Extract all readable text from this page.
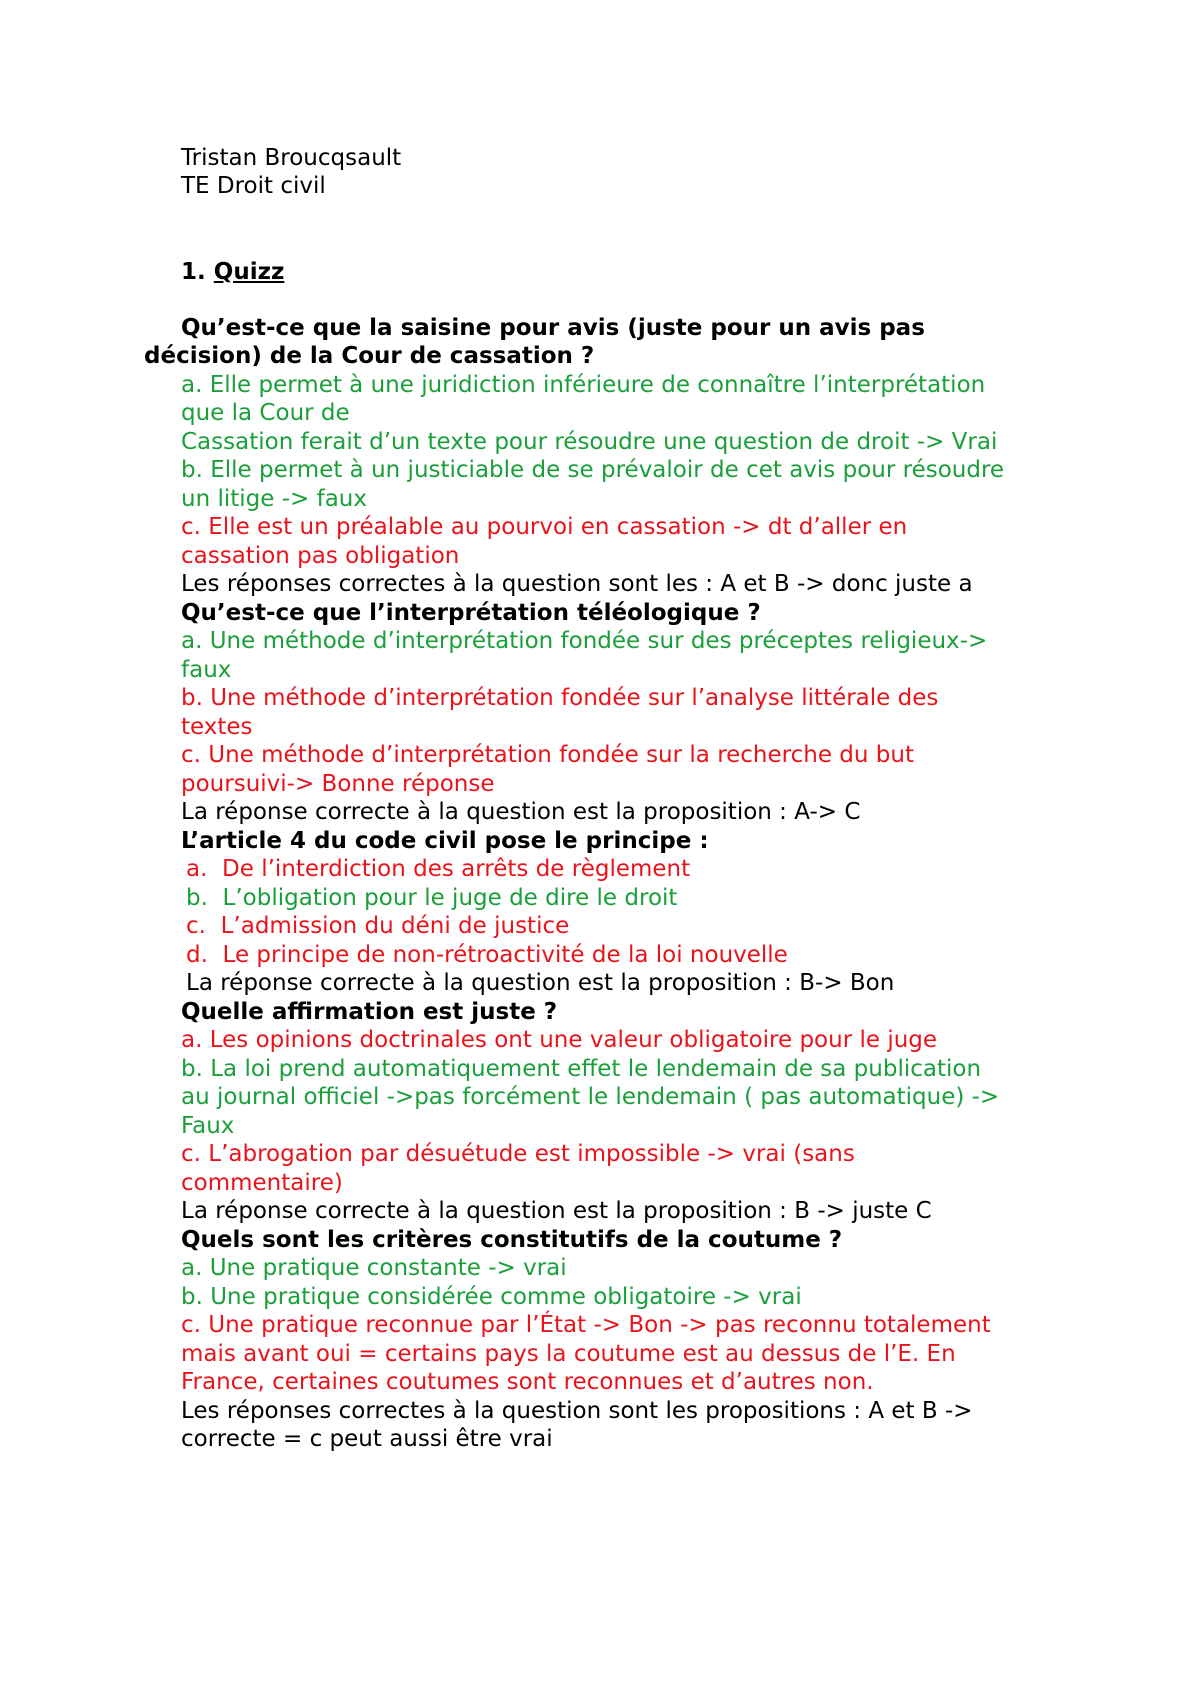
Tristan Broucqsault

TE Droit civil

1. Quizz

Qu’est-ce que la saisine pour avis (juste pour un avis pas

décision) de la Cour de cassation ?

a. Elle permet à une juridiction inférieure de connaître l’interprétation

que la Cour de

Cassation ferait d’un texte pour résoudre une question de droit -> Vrai

b. Elle permet à un justiciable de se prévaloir de cet avis pour résoudre

un litige -> faux

c. Elle est un préalable au pourvoi en cassation -> dt d’aller en

cassation pas obligation

Les réponses correctes à la question sont les : A et B -> donc juste a

Qu’est-ce que l’interprétation téléologique ?

a. Une méthode d’interprétation fondée sur des préceptes religieux->

faux

b. Une méthode d’interprétation fondée sur l’analyse littérale des

textes

c. Une méthode d’interprétation fondée sur la recherche du but

poursuivi-> Bonne réponse

La réponse correcte à la question est la proposition : A-> C

L’article 4 du code civil pose le principe :

a. De l’interdiction des arrêts de règlement

b. L’obligation pour le juge de dire le droit

c. L’admission du déni de justice

d. Le principe de non-rétroactivité de la loi nouvelle

La réponse correcte à la question est la proposition : B-> Bon

Quelle affirmation est juste ?

a. Les opinions doctrinales ont une valeur obligatoire pour le juge

b. La loi prend automatiquement effet le lendemain de sa publication

au journal officiel ->pas forcément le lendemain ( pas automatique) ->

Faux

c. L’abrogation par désuétude est impossible -> vrai (sans

commentaire)

La réponse correcte à la question est la proposition : B -> juste C

Quels sont les critères constitutifs de la coutume ?

a. Une pratique constante -> vrai

b. Une pratique considérée comme obligatoire -> vrai

c. Une pratique reconnue par l’État -> Bon -> pas reconnu totalement

mais avant oui = certains pays la coutume est au dessus de l’E. En

France, certaines coutumes sont reconnues et d’autres non.

Les réponses correctes à la question sont les propositions : A et B ->

correcte = c peut aussi être vrai
